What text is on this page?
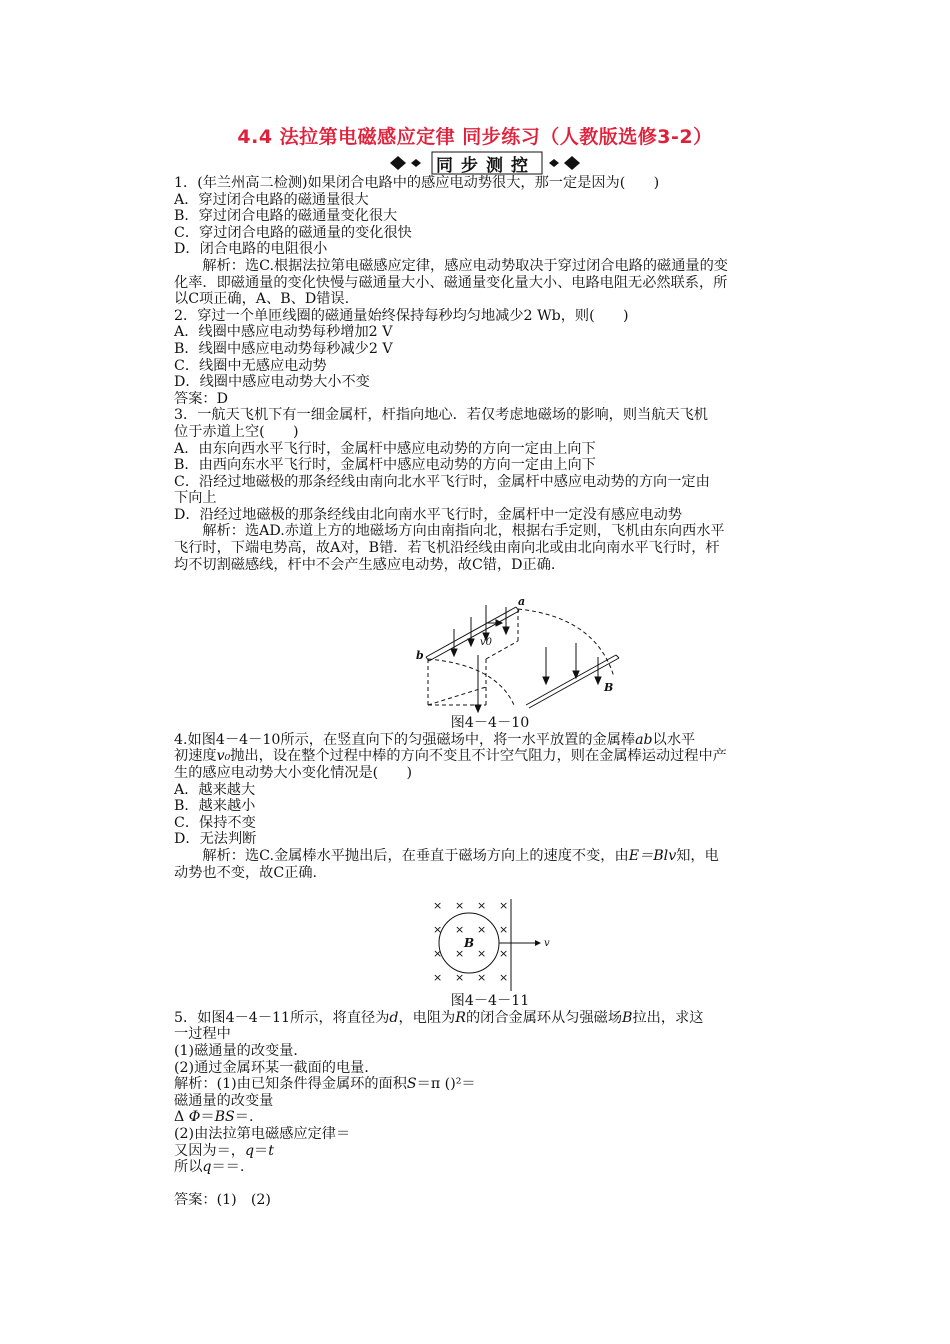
4.4 法拉第电磁感应定律 同步练习（人教版选修3-2）
同步测控

1．(年兰州高二检测)如果闭合电路中的感应电动势很大，那一定是因为(　　)

A．穿过闭合电路的磁通量很大

B．穿过闭合电路的磁通量变化很大

C．穿过闭合电路的磁通量的变化很快

D．闭合电路的电阻很小

　　解析：选C.根据法拉第电磁感应定律，感应电动势取决于穿过闭合电路的磁通量的变

化率．即磁通量的变化快慢与磁通量大小、磁通量变化量大小、电路电阻无必然联系，所

以C项正确，A、B、D错误.

2．穿过一个单匝线圈的磁通量始终保持每秒均匀地减少2 Wb，则(　　)

A．线圈中感应电动势每秒增加2 V

B．线圈中感应电动势每秒减少2 V

C．线圈中无感应电动势

D．线圈中感应电动势大小不变

答案：D

3．一航天飞机下有一细金属杆，杆指向地心．若仅考虑地磁场的影响，则当航天飞机

位于赤道上空(　　)

A．由东向西水平飞行时，金属杆中感应电动势的方向一定由上向下

B．由西向东水平飞行时，金属杆中感应电动势的方向一定由上向下

C．沿经过地磁极的那条经线由南向北水平飞行时，金属杆中感应电动势的方向一定由

下向上

D．沿经过地磁极的那条经线由北向南水平飞行时，金属杆中一定没有感应电动势

　　解析：选AD.赤道上方的地磁场方向由南指向北，根据右手定则，飞机由东向西水平

飞行时，下端电势高，故A对，B错．若飞机沿经线由南向北或由北向南水平飞行时，杆

均不切割磁感线，杆中不会产生感应电动势，故C错，D正确.

a
b
v0
B

图4－4－10

4.如图4－4－10所示，在竖直向下的匀强磁场中，将一水平放置的金属棒ab以水平

初速度v₀抛出，设在整个过程中棒的方向不变且不计空气阻力，则在金属棒运动过程中产

生的感应电动势大小变化情况是(　　)

A．越来越大

B．越来越小

C．保持不变

D．无法判断

　　解析：选C.金属棒水平抛出后，在垂直于磁场方向上的速度不变，由E＝Blv知，电

动势也不变，故C正确.

× × × ×
× × × ×
× × × ×
× × × ×
B	v

图4－4－11

5．如图4－4－11所示，将直径为d，电阻为R的闭合金属环从匀强磁场B拉出，求这

一过程中

(1)磁通量的改变量．

(2)通过金属环某一截面的电量．

解析：(1)由已知条件得金属环的面积S＝π ()²＝

磁通量的改变量

Δ Φ＝BS＝.

(2)由法拉第电磁感应定律＝

又因为＝，q＝t

所以q＝＝.

答案：(1)　(2)
